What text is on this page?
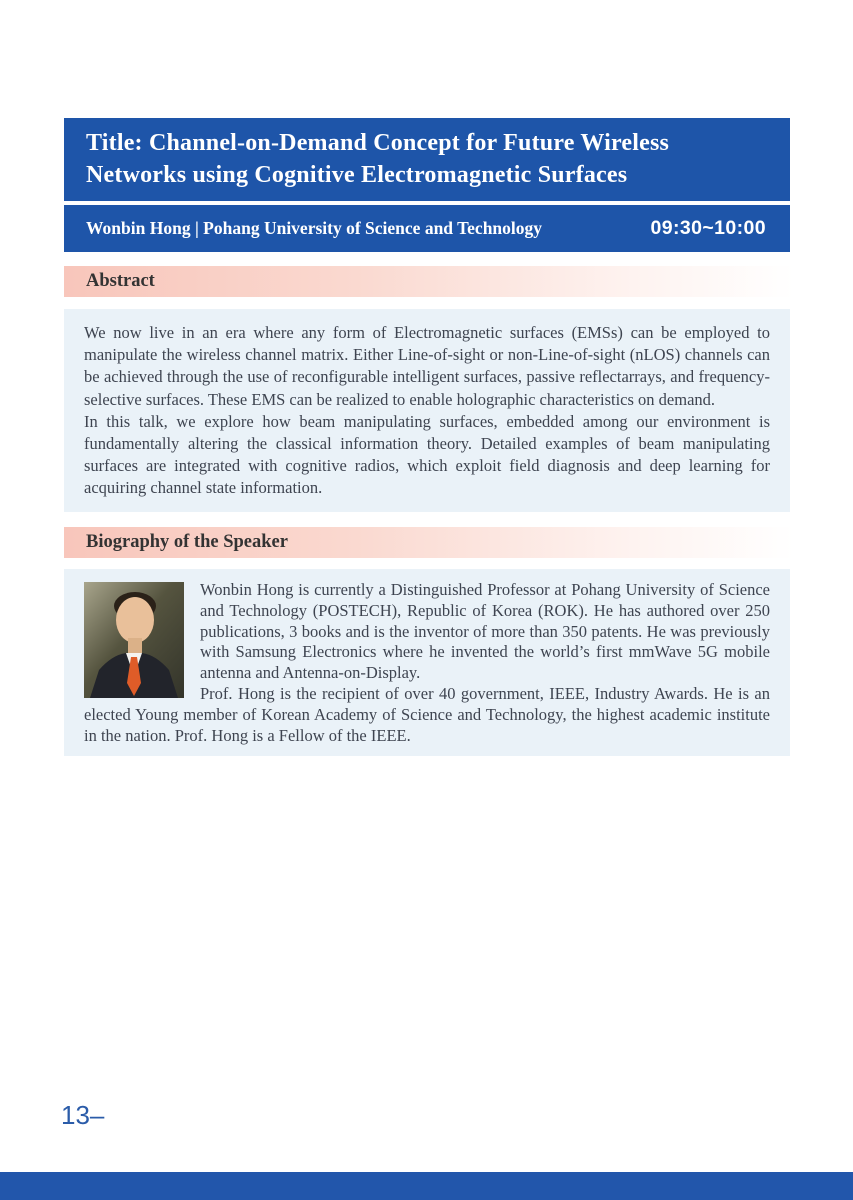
Title: Channel-on-Demand Concept for Future Wireless Networks using Cognitive Electromagnetic Surfaces
Wonbin Hong | Pohang University of Science and Technology	09:30~10:00
Abstract

We now live in an era where any form of Electromagnetic surfaces (EMSs) can be employed to manipulate the wireless channel matrix. Either Line-of-sight or non-Line-of-sight (nLOS) channels can be achieved through the use of reconfigurable intelligent surfaces, passive reflectarrays, and frequency-selective surfaces. These EMS can be realized to enable holographic characteristics on demand.

In this talk, we explore how beam manipulating surfaces, embedded among our environment is fundamentally altering the classical information theory. Detailed examples of beam manipulating surfaces are integrated with cognitive radios, which exploit field diagnosis and deep learning for acquiring channel state information.

Biography of the Speaker

Wonbin Hong is currently a Distinguished Professor at Pohang University of Science and Technology (POSTECH), Republic of Korea (ROK). He has authored over 250 publications, 3 books and is the inventor of more than 350 patents. He was previously with Samsung Electronics where he invented the world’s first mmWave 5G mobile antenna and Antenna-on-Display.

Prof. Hong is the recipient of over 40 government, IEEE, Industry Awards. He is an elected Young member of Korean Academy of Science and Technology, the highest academic institute in the nation. Prof. Hong is a Fellow of the IEEE.

13–
